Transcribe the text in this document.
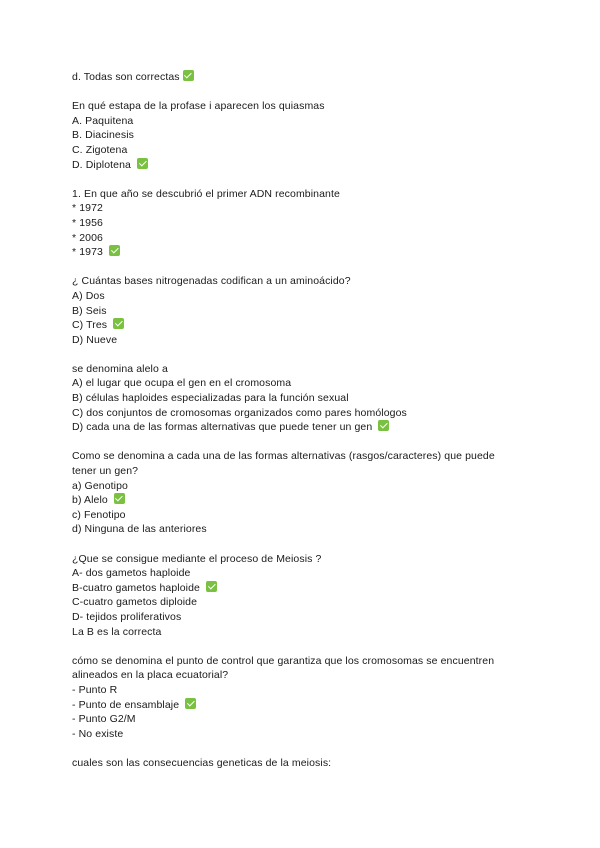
d. Todas son correctas
En qué estapa de la profase i aparecen los quiasmas
A. Paquitena
B. Diacinesis
C. Zigotena
D. Diplotena
1. En que año se descubrió el primer ADN recombinante
* 1972
* 1956
* 2006
* 1973
¿ Cuántas bases nitrogenadas codifican a un aminoácido?
A) Dos
B) Seis
C) Tres
D) Nueve
se denomina alelo a
A) el lugar que ocupa el gen en el cromosoma
B) células haploides especializadas para la función sexual
C) dos conjuntos de cromosomas organizados como pares homólogos
D) cada una de las formas alternativas que puede tener un gen
Como se denomina a cada una de las formas alternativas (rasgos/caracteres) que puede
tener un gen?
a) Genotipo
b) Alelo
c) Fenotipo
d) Ninguna de las anteriores
¿Que se consigue mediante el proceso de Meiosis ?
A- dos gametos haploide
B-cuatro gametos haploide
C-cuatro gametos diploide
D- tejidos proliferativos
La B es la correcta
cómo se denomina el punto de control que garantiza que los cromosomas se encuentren
alineados en la placa ecuatorial?
- Punto R
- Punto de ensamblaje
- Punto G2/M
- No existe
cuales son las consecuencias geneticas de la meiosis:
